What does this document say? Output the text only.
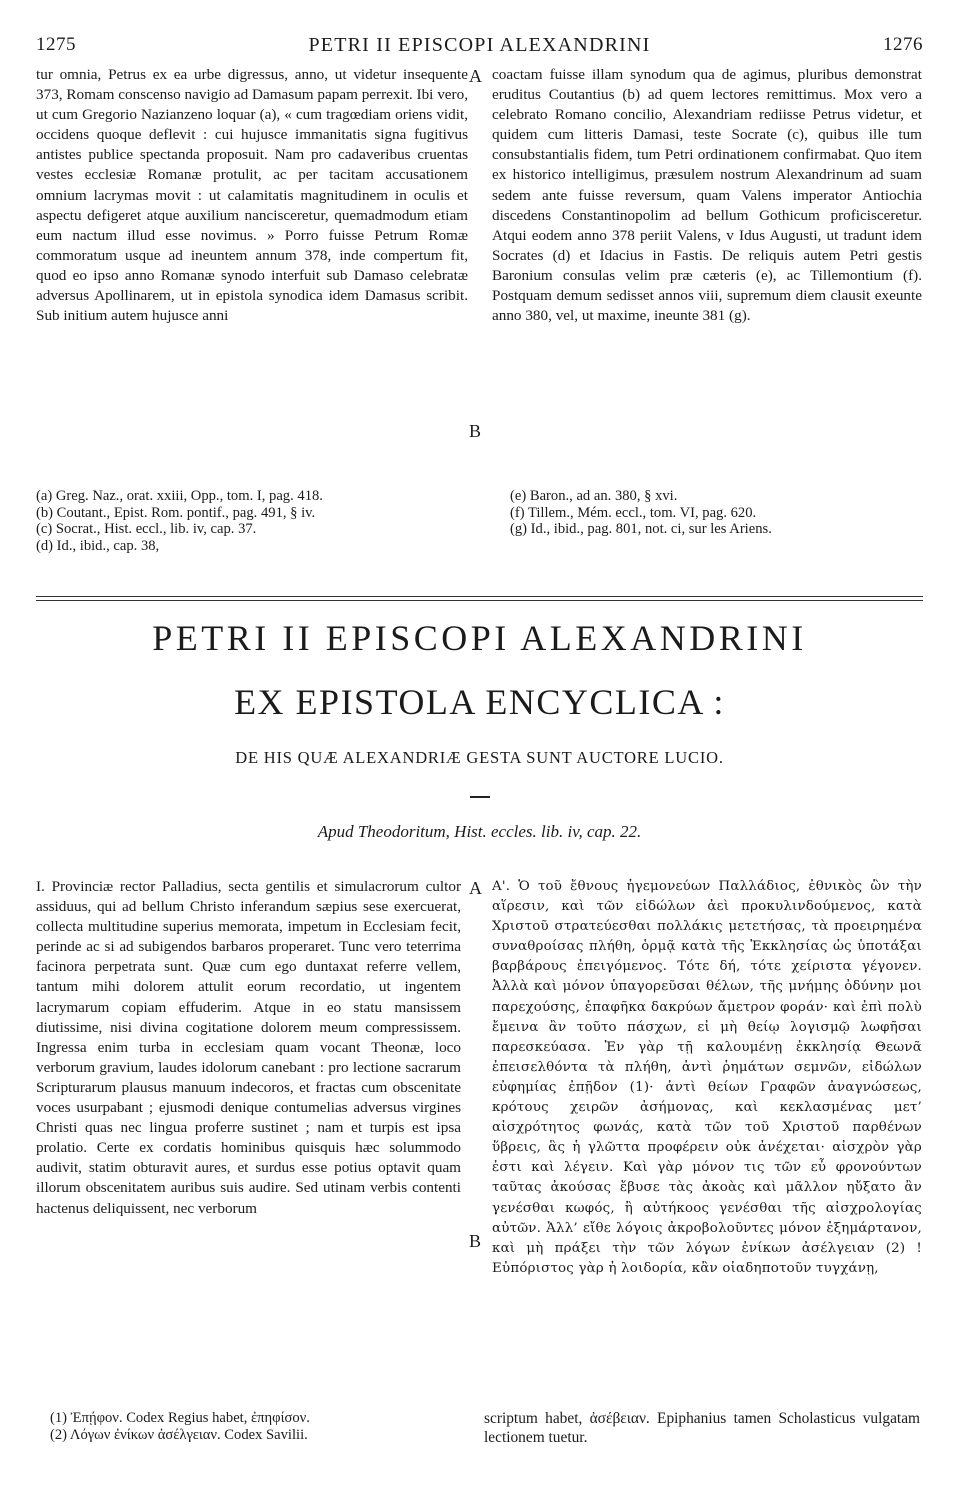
1275	PETRI II EPISCOPI ALEXANDRINI	1276

tur omnia, Petrus ex ea urbe digressus, anno, ut videtur insequente 373, Romam conscenso navigio ad Damasum papam perrexit. Ibi vero, ut cum Gregorio Nazianzeno loquar (a), « cum tragœdiam oriens vidit, occidens quoque deflevit : cui hujusce immanitatis signa fugitivus antistes publice spectanda proposuit. Nam pro cadaveribus cruentas vestes ecclesiæ Romanæ protulit, ac per tacitam accusationem omnium lacrymas movit : ut calamitatis magnitudinem in oculis et aspectu defigeret atque auxilium nancisceretur, quemadmodum etiam eum nactum illud esse novimus. » Porro fuisse Petrum Romæ commoratum usque ad ineuntem annum 378, inde compertum fit, quod eo ipso anno Romanæ synodo interfuit sub Damaso celebratæ adversus Apollinarem, ut in epistola synodica idem Damasus scribit. Sub initium autem hujusce anni

A
B

coactam fuisse illam synodum qua de agimus, pluribus demonstrat eruditus Coutantius (b) ad quem lectores remittimus. Mox vero a celebrato Romano concilio, Alexandriam rediisse Petrus videtur, et quidem cum litteris Damasi, teste Socrate (c), quibus ille tum consubstantialis fidem, tum Petri ordinationem confirmabat. Quo item ex historico intelligimus, præsulem nostrum Alexandrinum ad suam sedem ante fuisse reversum, quam Valens imperator Antiochia discedens Constantinopolim ad bellum Gothicum proficisceretur. Atqui eodem anno 378 periit Valens, v Idus Augusti, ut tradunt idem Socrates (d) et Idacius in Fastis. De reliquis autem Petri gestis Baronium consulas velim præ cæteris (e), ac Tillemontium (f). Postquam demum sedisset annos viii, supremum diem clausit exeunte anno 380, vel, ut maxime, ineunte 381 (g).

(a) Greg. Naz., orat. xxiii, Opp., tom. I, pag. 418.
(b) Coutant., Epist. Rom. pontif., pag. 491, § iv.
(c) Socrat., Hist. eccl., lib. iv, cap. 37.
(d) Id., ibid., cap. 38,
(e) Baron., ad an. 380, § xvi.
(f) Tillem., Mém. eccl., tom. VI, pag. 620.
(g) Id., ibid., pag. 801, not. ci, sur les Ariens.
PETRI II EPISCOPI ALEXANDRINI
EX EPISTOLA ENCYCLICA :
DE HIS QUÆ ALEXANDRIÆ GESTA SUNT AUCTORE LUCIO.
Apud Theodoritum, Hist. eccles. lib. iv, cap. 22.

I. Provinciæ rector Palladius, secta gentilis et simulacrorum cultor assiduus, qui ad bellum Christo inferandum sæpius sese exercuerat, collecta multitudine superius memorata, impetum in Ecclesiam fecit, perinde ac si ad subigendos barbaros properaret. Tunc vero teterrima facinora perpetrata sunt. Quæ cum ego duntaxat referre vellem, tantum mihi dolorem attulit eorum recordatio, ut ingentem lacrymarum copiam effuderim. Atque in eo statu mansissem diutissime, nisi divina cogitatione dolorem meum compressissem. Ingressa enim turba in ecclesiam quam vocant Theonæ, loco verborum gravium, laudes idolorum canebant : pro lectione sacrarum Scripturarum plausus manuum indecoros, et fractas cum obscenitate voces usurpabant ; ejusmodi denique contumelias adversus virgines Christi quas nec lingua proferre sustinet ; nam et turpis est ipsa prolatio. Certe ex cordatis hominibus quisquis hæc solummodo audivit, statim obturavit aures, et surdus esse potius optavit quam illorum obscenitatem auribus suis audire. Sed utinam verbis contenti hactenus deliquissent, nec verborum

A
B

Α'. Ὁ τοῦ ἔθνους ἡγεμονεύων Παλλάδιος, ἐθνικὸς ὢν τὴν αἵρεσιν, καὶ τῶν εἰδώλων ἀεὶ προκυλινδούμενος, κατὰ Χριστοῦ στρατεύεσθαι πολλάκις μετετήσας, τὰ προειρημένα συναθροίσας πλήθη, ὁρμᾷ κατὰ τῆς Ἐκκλησίας ὡς ὑποτάξαι βαρβάρους ἐπειγόμενος. Τότε δή, τότε χείριστα γέγονεν. Ἀλλὰ καὶ μόνον ὑπαγορεῦσαι θέλων, τῆς μνήμης ὀδύνην μοι παρεχούσης, ἐπαφῆκα δακρύων ἄμετρον φοράν· καὶ ἐπὶ πολὺ ἔμεινα ἂν τοῦτο πάσχων, εἰ μὴ θείῳ λογισμῷ λωφῆσαι παρεσκεύασα. Ἐν γὰρ τῇ καλουμένῃ ἐκκλησίᾳ Θεωνᾶ ἐπεισελθόντα τὰ πλήθη, ἀντὶ ῥημάτων σεμνῶν, εἰδώλων εὐφημίας ἐπῇδον (1)· ἀντὶ θείων Γραφῶν ἀναγνώσεως, κρότους χειρῶν ἀσήμονας, καὶ κεκλασμένας μετ’ αἰσχρότητος φωνάς, κατὰ τῶν τοῦ Χριστοῦ παρθένων ὕβρεις, ἃς ἡ γλῶττα προφέρειν οὐκ ἀνέχεται· αἰσχρὸν γὰρ ἐστι καὶ λέγειν. Καὶ γὰρ μόνον τις τῶν εὖ φρονούντων ταῦτας ἀκούσας ἔβυσε τὰς ἀκοὰς καὶ μᾶλλον ηὔξατο ἂν γενέσθαι κωφός, ἢ αὐτήκοος γενέσθαι τῆς αἰσχρολογίας αὐτῶν. Ἀλλ’ εἴθε λόγοις ἀκροβολοῦντες μόνον ἐξημάρτανον, καὶ μὴ πράξει τὴν τῶν λόγων ἐνίκων ἀσέλγειαν (2) ! Εὐπόριστος γὰρ ἡ λοιδορία, κἂν οἰαδηποτοῦν τυγχάνῃ,

(1) Ἐπῄφον. Codex Regius habet, ἐπηφίσον.
(2) Λόγων ἐνίκων ἀσέλγειαν. Codex Savilii.
scriptum habet, ἀσέβειαν. Epiphanius tamen Scholasticus vulgatam lectionem tuetur.
